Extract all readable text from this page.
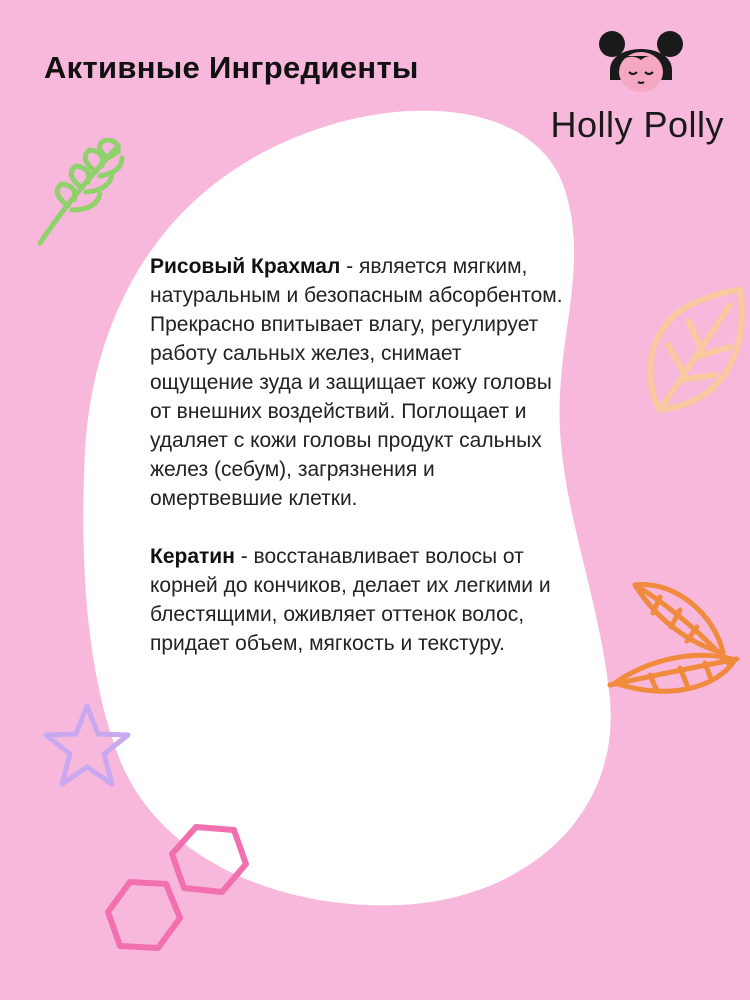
Активные Ингредиенты
Holly Polly

Рисовый Крахмал - является мягким, натуральным и безопасным абсорбентом. Прекрасно впитывает влагу, регулирует работу сальных желез, снимает ощущение зуда и защищает кожу головы от внешних воздействий. Поглощает и удаляет с кожи головы продукт сальных желез (себум), загрязнения и омертвевшие клетки.

Кератин - восстанавливает волосы от корней до кончиков, делает их легкими и блестящими, оживляет оттенок волос, придает объем, мягкость и текстуру.
